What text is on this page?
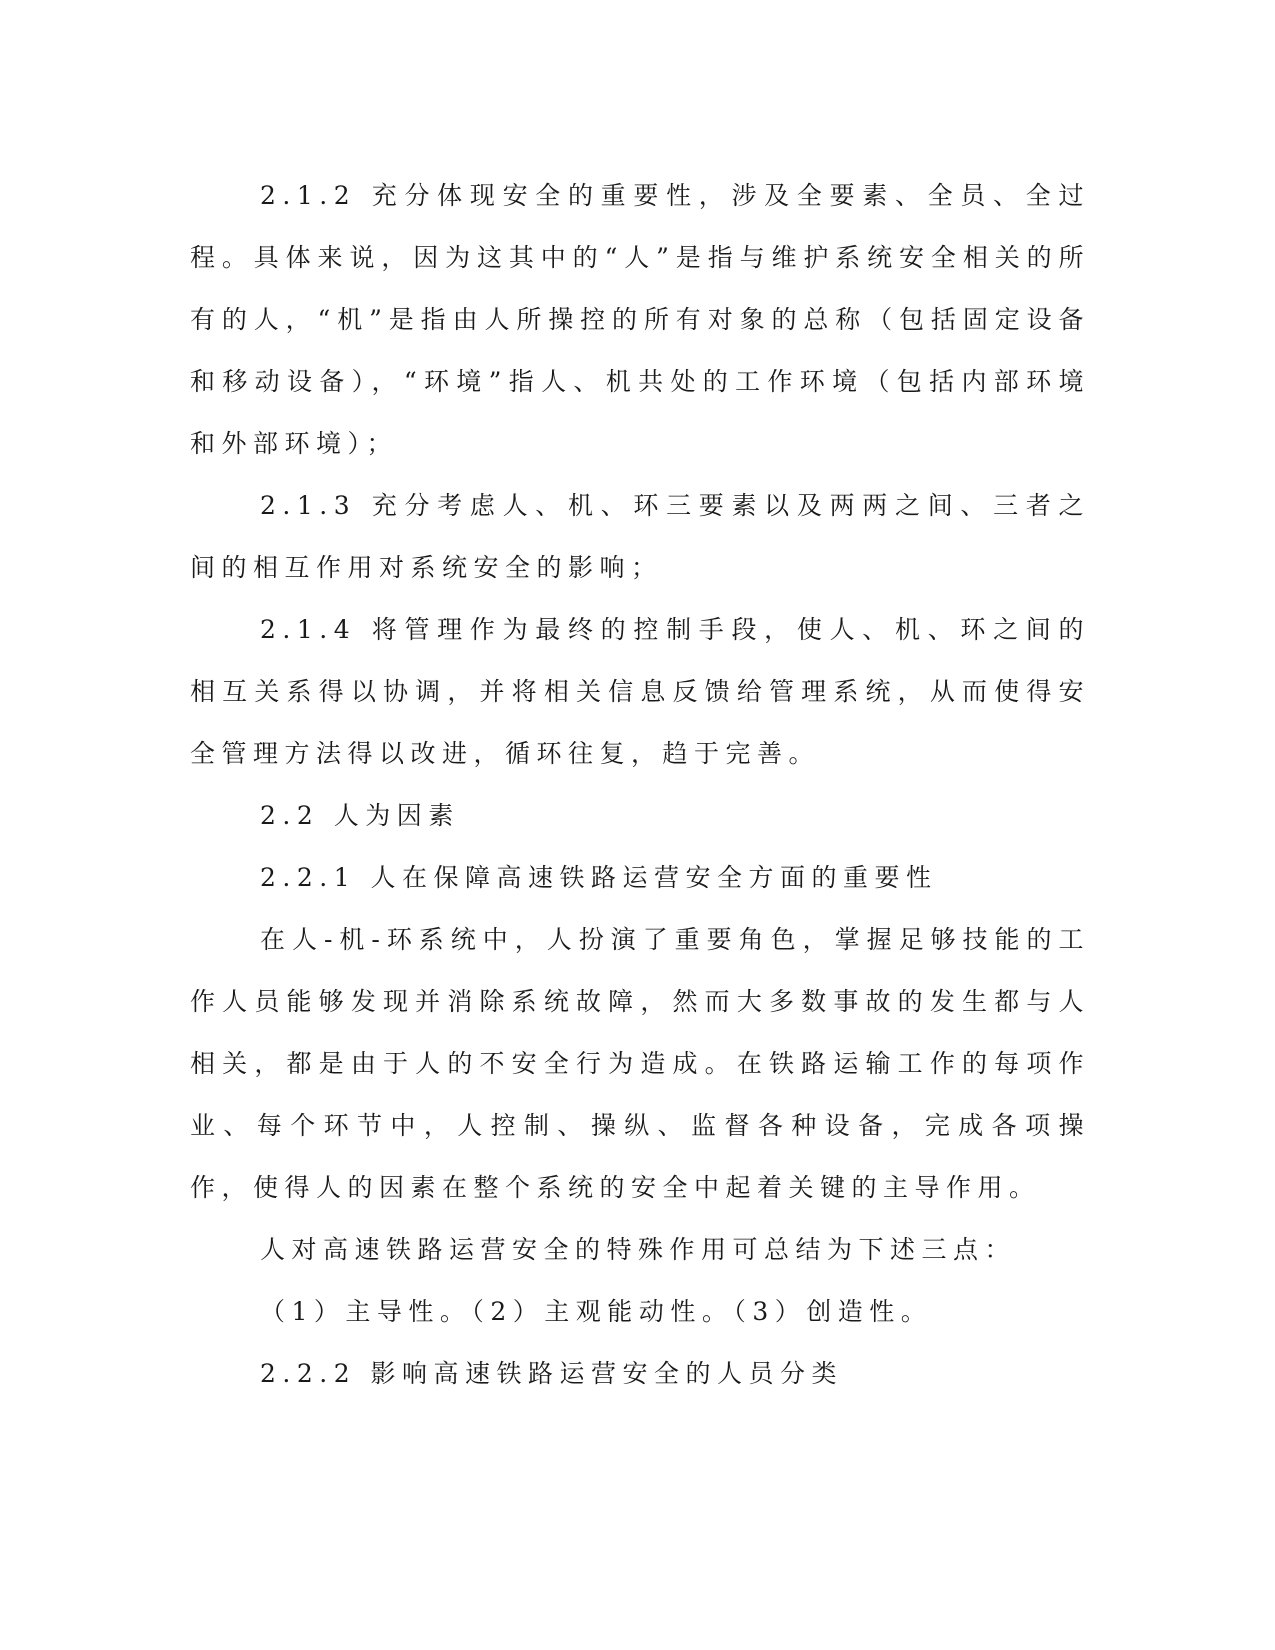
2.1.2 充分体现安全的重要性，涉及全要素、全员、全过程。具体来说，因为这其中的“人”是指与维护系统安全相关的所有的人，“机”是指由人所操控的所有对象的总称（包括固定设备和移动设备），“环境”指人、机共处的工作环境（包括内部环境和外部环境）；

2.1.3 充分考虑人、机、环三要素以及两两之间、三者之间的相互作用对系统安全的影响；

2.1.4 将管理作为最终的控制手段，使人、机、环之间的相互关系得以协调，并将相关信息反馈给管理系统，从而使得安全管理方法得以改进，循环往复，趋于完善。

2.2 人为因素

2.2.1 人在保障高速铁路运营安全方面的重要性

在人-机-环系统中，人扮演了重要角色，掌握足够技能的工作人员能够发现并消除系统故障，然而大多数事故的发生都与人相关，都是由于人的不安全行为造成。在铁路运输工作的每项作业、每个环节中，人控制、操纵、监督各种设备，完成各项操作，使得人的因素在整个系统的安全中起着关键的主导作用。

人对高速铁路运营安全的特殊作用可总结为下述三点：

（1）主导性。（2）主观能动性。（3）创造性。

2.2.2 影响高速铁路运营安全的人员分类
